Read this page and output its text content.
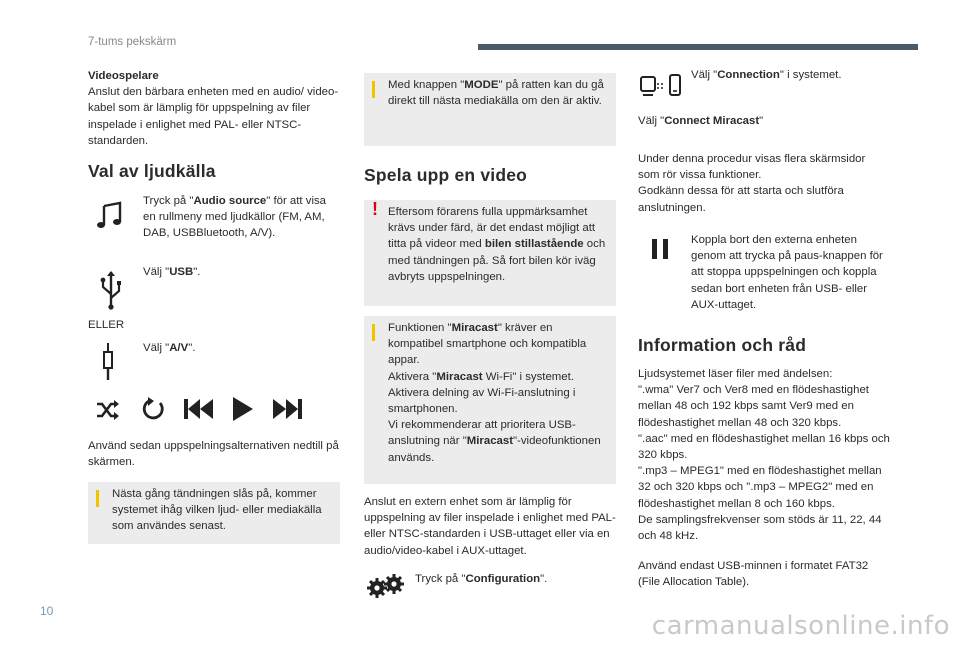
7-tums pekskärm

Videospelare

Anslut den bärbara enheten med en audio/ video-kabel som är lämplig för uppspelning av filer inspelade i enlighet med PAL- eller NTSC-standarden.

Val av ljudkälla
Tryck på "Audio source" för att visa en rullmeny med ljudkällor (FM, AM, DAB, USBBluetooth, A/V).
Välj "USB".
ELLER
Välj "A/V".
Använd sedan uppspelningsalternativen nedtill på skärmen.
Nästa gång tändningen slås på, kommer systemet ihåg vilken ljud- eller mediakälla som användes senast.
Med knappen "MODE" på ratten kan du gå direkt till nästa mediakälla om den är aktiv.
Spela upp en video
! Eftersom förarens fulla uppmärksamhet krävs under färd, är det endast möjligt att titta på videor med bilen stillastående och med tändningen på. Så fort bilen kör iväg avbryts uppspelningen.

Funktionen "Miracast" kräver en kompatibel smartphone och kompatibla appar.

Aktivera "Miracast Wi-Fi" i systemet.

Aktivera delning av Wi-Fi-anslutning i smartphonen.

Vi rekommenderar att prioritera USB-anslutning när "Miracast"-videofunktionen används.

Anslut en extern enhet som är lämplig för uppspelning av filer inspelade i enlighet med PAL- eller NTSC-standarden i USB-uttaget eller via en audio/video-kabel i AUX-uttaget.
Tryck på "Configuration".
Välj "Connection" i systemet.
Välj "Connect Miracast"

Under denna procedur visas flera skärmsidor som rör vissa funktioner.

Godkänn dessa för att starta och slutföra anslutningen.

Koppla bort den externa enheten genom att trycka på paus-knappen för att stoppa uppspelningen och koppla sedan bort enheten från USB- eller AUX-uttaget.
Information och råd

Ljudsystemet läser filer med ändelsen:

".wma" Ver7 och Ver8 med en flödeshastighet mellan 48 och 192 kbps samt Ver9 med en

flödeshastighet mellan 48 och 320 kbps.

".aac" med en flödeshastighet mellan 16 kbps och 320 kbps.

".mp3 – MPEG1" med en flödeshastighet mellan 32 och 320 kbps och ".mp3 – MPEG2" med en flödeshastighet mellan 8 och 160 kbps.

De samplingsfrekvenser som stöds är 11, 22, 44 och 48 kHz.

Använd endast USB-minnen i formatet FAT32 (File Allocation Table).
10	carmanualsonline.info
